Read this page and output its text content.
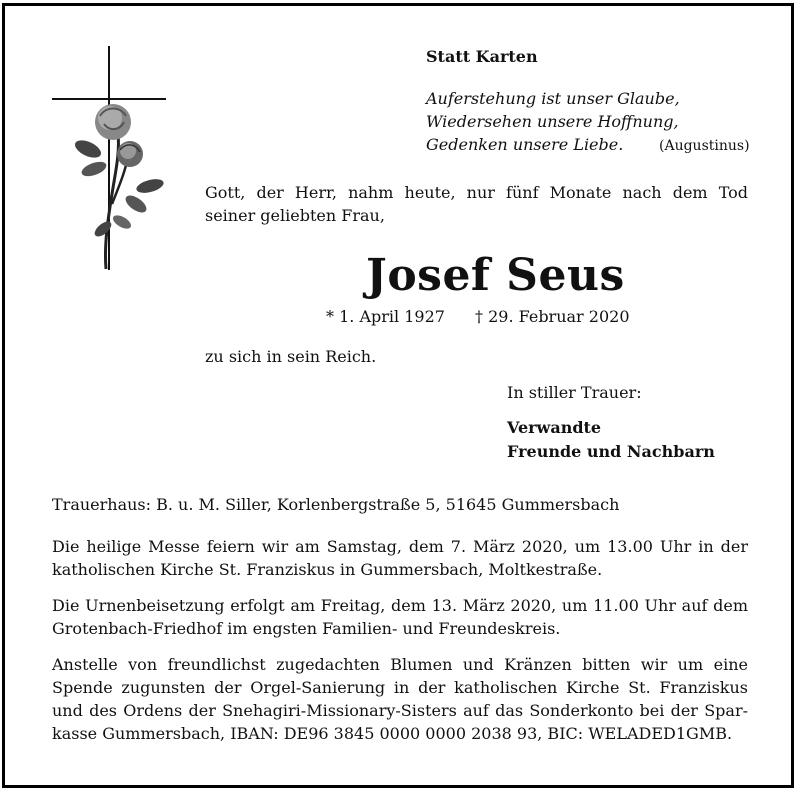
Statt Karten
Auferstehung ist unser Glaube,
Wiedersehen unsere Hoffnung,
Gedenken unsere Liebe.	(Augustinus)
Gott, der Herr, nahm heute, nur fünf Monate nach dem Tod
seiner geliebten Frau,
Josef Seus
* 1. April 1927 † 29. Februar 2020
zu sich in sein Reich.
In stiller Trauer:
Verwandte
Freunde und Nachbarn
Trauerhaus: B. u. M. Siller, Korlenbergstraße 5, 51645 Gummersbach
Die heilige Messe feiern wir am Samstag, dem 7. März 2020, um 13.00 Uhr in der
katholischen Kirche St. Franziskus in Gummersbach, Moltkestraße.
Die Urnenbeisetzung erfolgt am Freitag, dem 13. März 2020, um 11.00 Uhr auf dem
Grotenbach-Friedhof im engsten Familien- und Freundeskreis.
Anstelle von freundlichst zugedachten Blumen und Kränzen bitten wir um eine
Spende zugunsten der Orgel-Sanierung in der katholischen Kirche St. Franziskus
und des Ordens der Snehagiri-Missionary-Sisters auf das Sonderkonto bei der Spar-
kasse Gummersbach, IBAN: DE96 3845 0000 0000 2038 93, BIC: WELADED1GMB.
